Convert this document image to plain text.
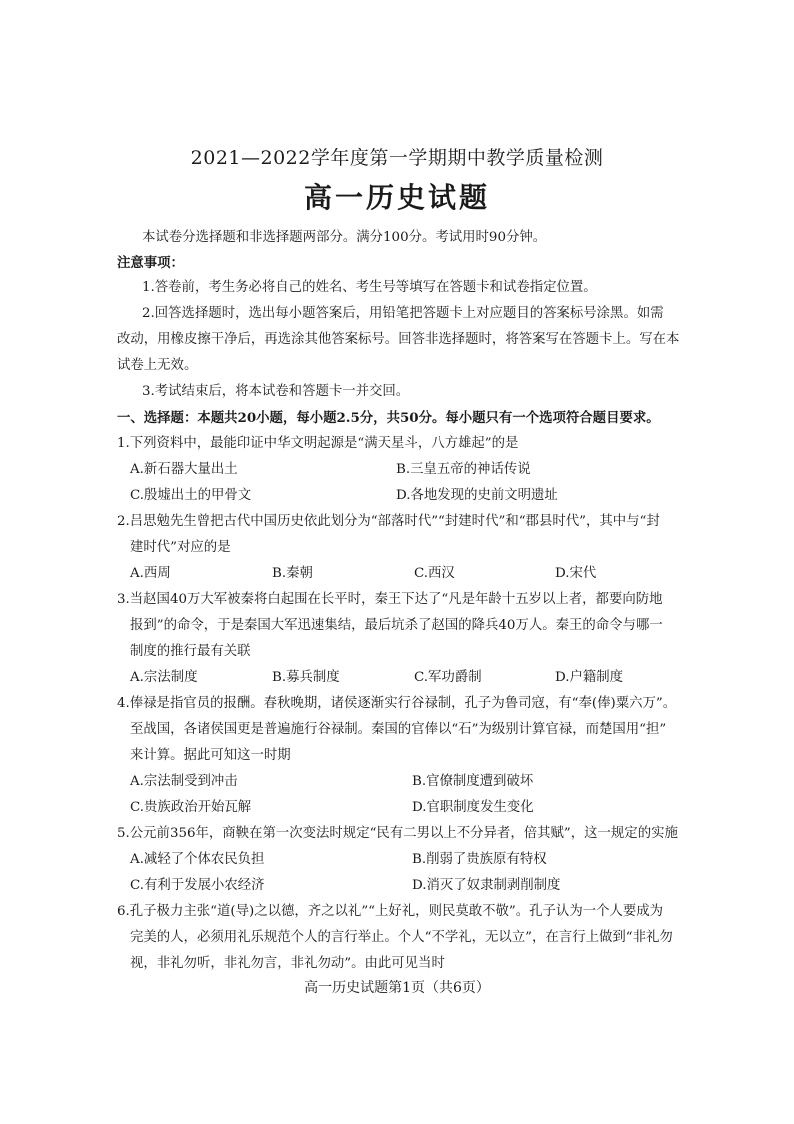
2021—2022学年度第一学期期中教学质量检测
高一历史试题
本试卷分选择题和非选择题两部分。满分100分。考试用时90分钟。
注意事项：
1.答卷前，考生务必将自己的姓名、考生号等填写在答题卡和试卷指定位置。
2.回答选择题时，选出每小题答案后，用铅笔把答题卡上对应题目的答案标号涂黑。如需
改动，用橡皮擦干净后，再选涂其他答案标号。回答非选择题时，将答案写在答题卡上。写在本
试卷上无效。
3.考试结束后，将本试卷和答题卡一并交回。
一、选择题：本题共20小题，每小题2.5分，共50分。每小题只有一个选项符合题目要求。
1.下列资料中，最能印证中华文明起源是“满天星斗，八方雄起”的是
A.新石器大量出土	B.三皇五帝的神话传说
C.殷墟出土的甲骨文	D.各地发现的史前文明遗址
2.吕思勉先生曾把古代中国历史依此划分为“部落时代”“封建时代”和“郡县时代”，其中与“封
建时代”对应的是
A.西周	B.秦朝	C.西汉	D.宋代
3.当赵国40万大军被秦将白起围在长平时，秦王下达了“凡是年龄十五岁以上者，都要向防地
报到”的命令，于是秦国大军迅速集结，最后坑杀了赵国的降兵40万人。秦王的命令与哪一
制度的推行最有关联
A.宗法制度	B.募兵制度	C.军功爵制	D.户籍制度
4.俸禄是指官员的报酬。春秋晚期，诸侯逐渐实行谷禄制，孔子为鲁司寇，有“奉(俸)粟六万”。
至战国，各诸侯国更是普遍施行谷禄制。秦国的官俸以“石”为级别计算官禄，而楚国用“担”
来计算。据此可知这一时期
A.宗法制受到冲击	B.官僚制度遭到破坏
C.贵族政治开始瓦解	D.官职制度发生变化
5.公元前356年，商鞅在第一次变法时规定“民有二男以上不分异者，倍其赋”，这一规定的实施
A.减轻了个体农民负担	B.削弱了贵族原有特权
C.有利于发展小农经济	D.消灭了奴隶制剥削制度
6.孔子极力主张“道(导)之以德，齐之以礼”“上好礼，则民莫敢不敬”。孔子认为一个人要成为
完美的人，必须用礼乐规范个人的言行举止。个人“不学礼，无以立”，在言行上做到“非礼勿
视，非礼勿听，非礼勿言，非礼勿动”。由此可见当时
高一历史试题第1页（共6页）
